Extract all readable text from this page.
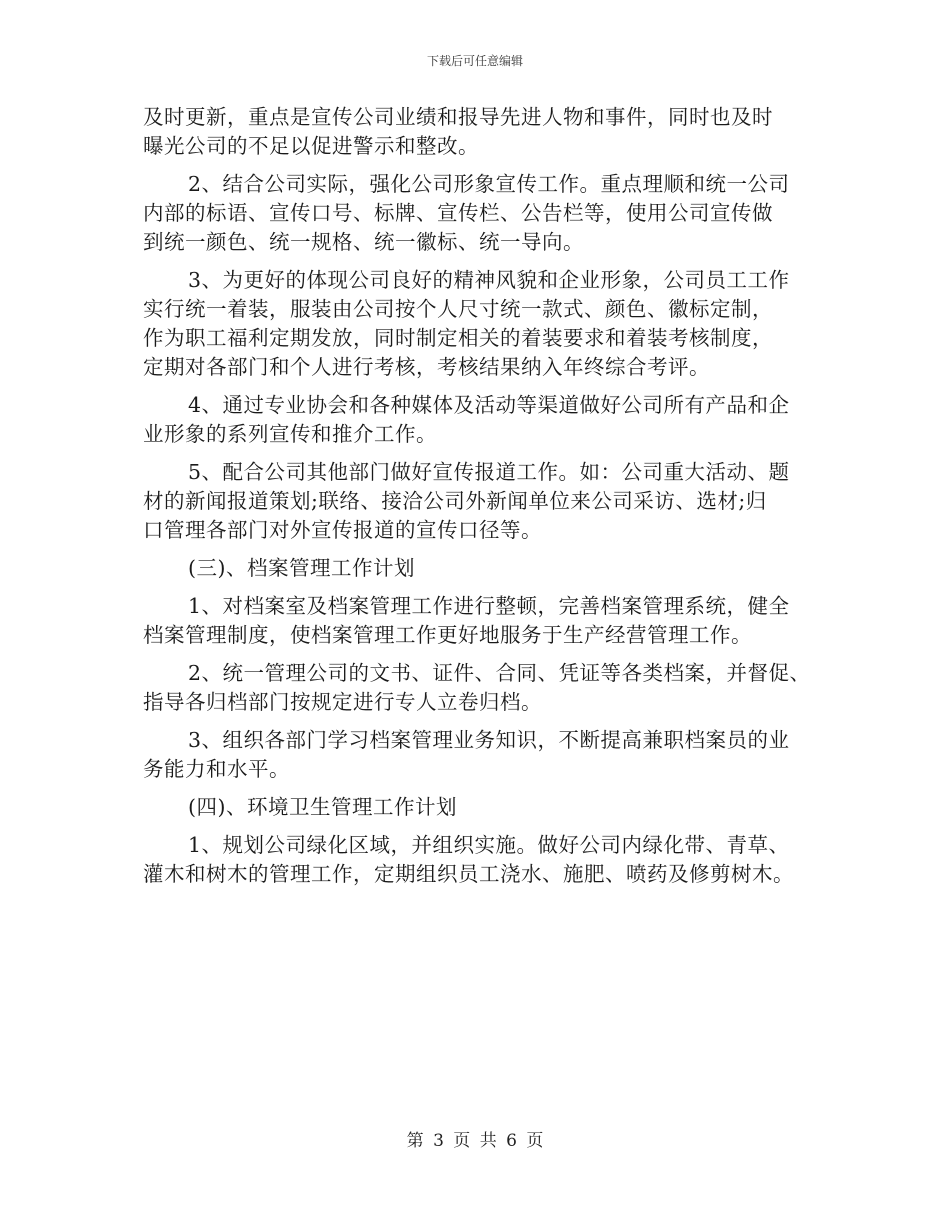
下载后可任意编辑
及时更新，重点是宣传公司业绩和报导先进人物和事件，同时也及时
曝光公司的不足以促进警示和整改。
2、结合公司实际，强化公司形象宣传工作。重点理顺和统一公司
内部的标语、宣传口号、标牌、宣传栏、公告栏等，使用公司宣传做
到统一颜色、统一规格、统一徽标、统一导向。
3、为更好的体现公司良好的精神风貌和企业形象，公司员工工作
实行统一着装，服装由公司按个人尺寸统一款式、颜色、徽标定制，
作为职工福利定期发放，同时制定相关的着装要求和着装考核制度，
定期对各部门和个人进行考核，考核结果纳入年终综合考评。
4、通过专业协会和各种媒体及活动等渠道做好公司所有产品和企
业形象的系列宣传和推介工作。
5、配合公司其他部门做好宣传报道工作。如：公司重大活动、题
材的新闻报道策划;联络、接洽公司外新闻单位来公司采访、选材;归
口管理各部门对外宣传报道的宣传口径等。
(三)、档案管理工作计划
1、对档案室及档案管理工作进行整顿，完善档案管理系统，健全
档案管理制度，使档案管理工作更好地服务于生产经营管理工作。
2、统一管理公司的文书、证件、合同、凭证等各类档案，并督促、
指导各归档部门按规定进行专人立卷归档。
3、组织各部门学习档案管理业务知识，不断提高兼职档案员的业
务能力和水平。
(四)、环境卫生管理工作计划
1、规划公司绿化区域，并组织实施。做好公司内绿化带、青草、
灌木和树木的管理工作，定期组织员工浇水、施肥、喷药及修剪树木。
第 3 页 共 6 页
